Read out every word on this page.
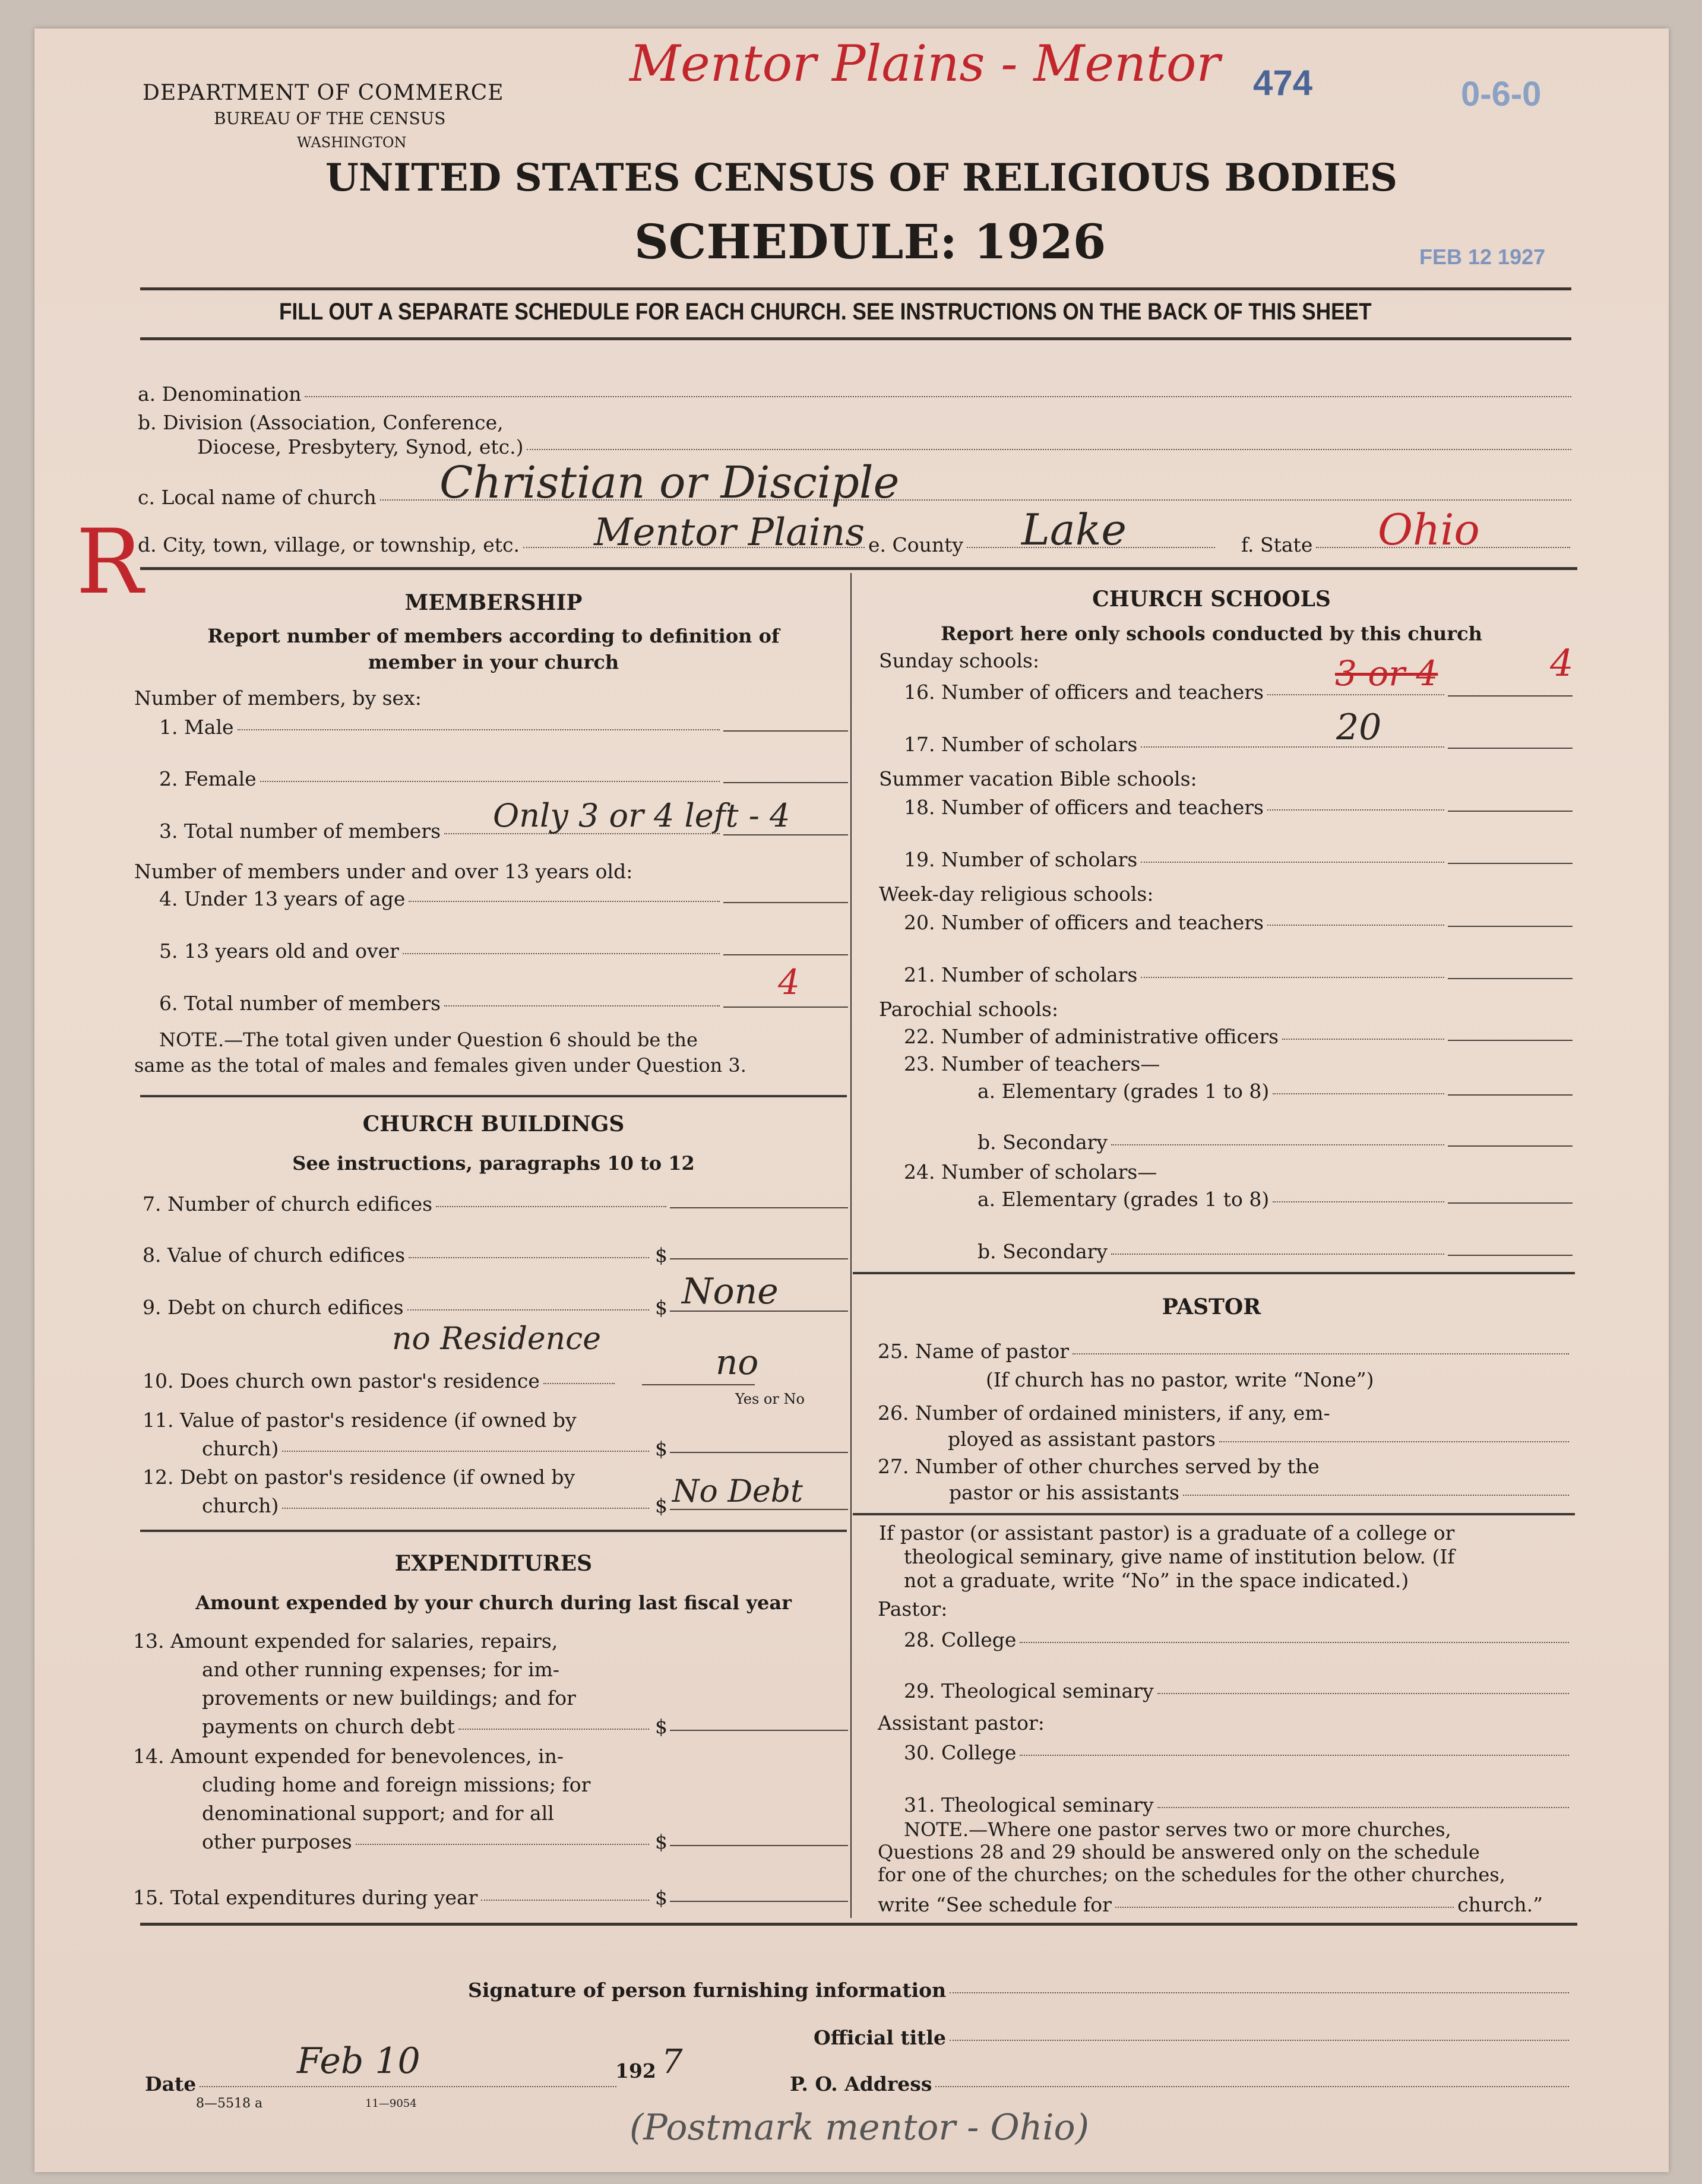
Mentor Plains - Mentor 474	0-6-0
FEB 12 1927
R
DEPARTMENT OF COMMERCE
BUREAU OF THE CENSUS
WASHINGTON
UNITED STATES CENSUS OF RELIGIOUS BODIES
SCHEDULE: 1926
FILL OUT A SEPARATE SCHEDULE FOR EACH CHURCH. SEE INSTRUCTIONS ON THE BACK OF THIS SHEET
a. Denomination
b. Division (Association, Conference,
Diocese, Presbytery, Synod, etc.)
c. Local name of church Christian or Disciple
d. City, town, village, or township, etc. Mentor Plains e. County Lake	f. State Ohio
MEMBERSHIP
Report number of members according to definition of
member in your church
Number of members, by sex:
1. Male
2. Female
3. Total number of members Only 3 or 4 left - 4
Number of members under and over 13 years old:
4. Under 13 years of age
5. 13 years old and over
6. Total number of members
4
NOTE.—The total given under Question 6 should be the
same as the total of males and females given under Question 3.
CHURCH BUILDINGS
See instructions, paragraphs 10 to 12
7. Number of church edifices
8. Value of church edifices	$
9. Debt on church edifices	$ None
no Residence
10. Does church own pastor's residence	no
Yes or No
11. Value of pastor's residence (if owned by
church)	$
12. Debt on pastor's residence (if owned by
church)	$ No Debt
EXPENDITURES
Amount expended by your church during last fiscal year
13. Amount expended for salaries, repairs,
and other running expenses; for im-
provements or new buildings; and for
payments on church debt	$
14. Amount expended for benevolences, in-
cluding home and foreign missions; for
denominational support; and for all
other purposes	$
15. Total expenditures during year	$
CHURCH SCHOOLS
Report here only schools conducted by this church
Sunday schools:
16. Number of officers and teachers 3 or 4	4
17. Number of scholars	20
Summer vacation Bible schools:
18. Number of officers and teachers
19. Number of scholars
Week-day religious schools:
20. Number of officers and teachers
21. Number of scholars
Parochial schools:
22. Number of administrative officers
23. Number of teachers—
a. Elementary (grades 1 to 8)
b. Secondary
24. Number of scholars—
a. Elementary (grades 1 to 8)
b. Secondary
PASTOR
25. Name of pastor
(If church has no pastor, write “None”)
26. Number of ordained ministers, if any, em-
ployed as assistant pastors
27. Number of other churches served by the
pastor or his assistants
If pastor (or assistant pastor) is a graduate of a college or
theological seminary, give name of institution below. (If
not a graduate, write “No” in the space indicated.)
Pastor:
28. College
29. Theological seminary
Assistant pastor:
30. College
31. Theological seminary
NOTE.—Where one pastor serves two or more churches,
Questions 28 and 29 should be answered only on the schedule
for one of the churches; on the schedules for the other churches,
write “See schedule for	church.”
Signature of person furnishing information
Official title
Date
Feb 10	192 7
P. O. Address
8—5518 a	11—9054
(Postmark mentor - Ohio)
